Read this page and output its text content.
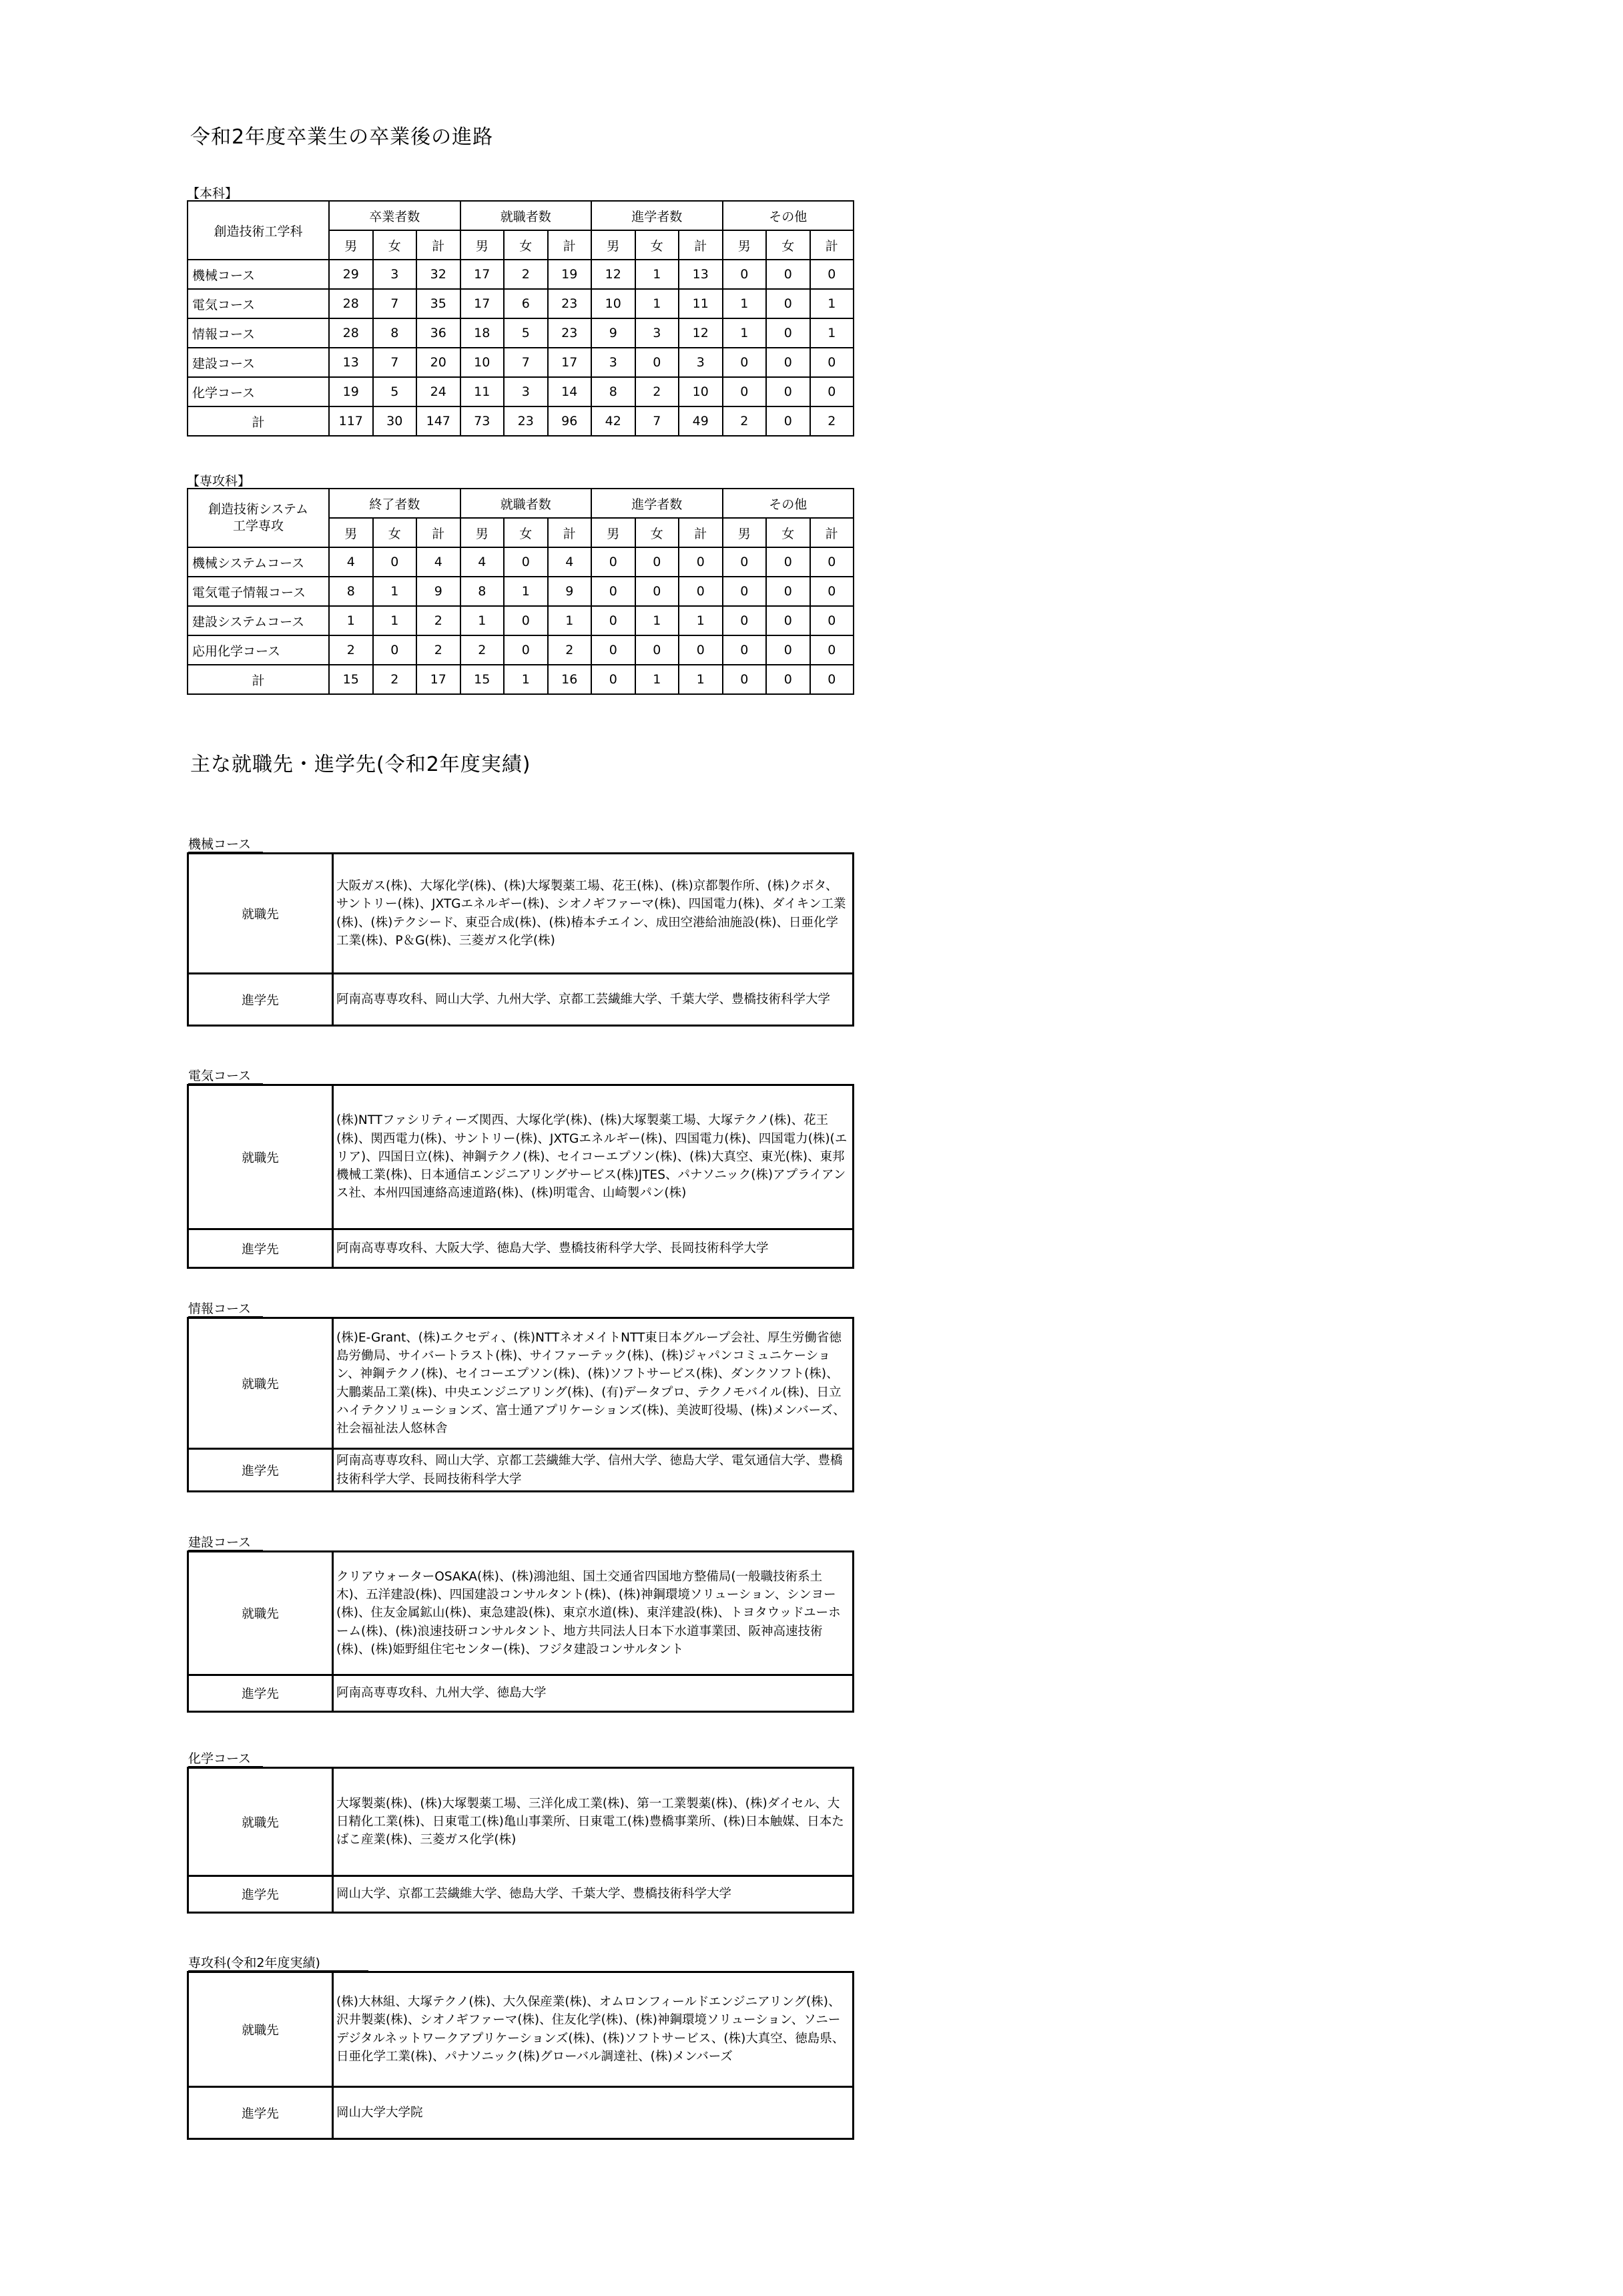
令和2年度卒業生の卒業後の進路
【本科】
創造技術工学科	卒業者数			就職者数			進学者数			その他		
	男	女	計	男	女	計	男	女	計	男	女	計
機械コース	29	3	32	17	2	19	12	1	13	0	0	0
電気コース	28	7	35	17	6	23	10	1	11	1	0	1
情報コース	28	8	36	18	5	23	9	3	12	1	0	1
建設コース	13	7	20	10	7	17	3	0	3	0	0	0
化学コース	19	5	24	11	3	14	8	2	10	0	0	0
計	117	30	147	73	23	96	42	7	49	2	0	2
【専攻科】
創造技術システム
工学専攻	終了者数			就職者数			進学者数			その他		
	男	女	計	男	女	計	男	女	計	男	女	計
機械システムコース	4	0	4	4	0	4	0	0	0	0	0	0
電気電子情報コース	8	1	9	8	1	9	0	0	0	0	0	0
建設システムコース	1	1	2	1	0	1	0	1	1	0	0	0
応用化学コース	2	0	2	2	0	2	0	0	0	0	0	0
計	15	2	17	15	1	16	0	1	1	0	0	0
主な就職先・進学先(令和2年度実績)
機械コース
就職先	大阪ガス(株)、大塚化学(株)、(株)大塚製薬工場、花王(株)、(株)京都製作所、(株)クボタ、サントリー(株)、JXTGエネルギー(株)、シオノギファーマ(株)、四国電力(株)、ダイキン工業(株)、(株)テクシード、東亞合成(株)、(株)椿本チエイン、成田空港給油施設(株)、日亜化学工業(株)、P＆G(株)、三菱ガス化学(株)
進学先	阿南高専専攻科、岡山大学、九州大学、京都工芸繊維大学、千葉大学、豊橋技術科学大学
電気コース
就職先	(株)NTTファシリティーズ関西、大塚化学(株)、(株)大塚製薬工場、大塚テクノ(株)、花王(株)、関西電力(株)、サントリー(株)、JXTGエネルギー(株)、四国電力(株)、四国電力(株)(エリア)、四国日立(株)、神鋼テクノ(株)、セイコーエプソン(株)、(株)大真空、東光(株)、東邦機械工業(株)、日本通信エンジニアリングサービス(株)JTES、パナソニック(株)アプライアンス社、本州四国連絡高速道路(株)、(株)明電舎、山崎製パン(株)
進学先	阿南高専専攻科、大阪大学、徳島大学、豊橋技術科学大学、長岡技術科学大学
情報コース
就職先	(株)E-Grant、(株)エクセディ、(株)NTTネオメイトNTT東日本グループ会社、厚生労働省徳島労働局、サイバートラスト(株)、サイファーテック(株)、(株)ジャパンコミュニケーション、神鋼テクノ(株)、セイコーエプソン(株)、(株)ソフトサービス(株)、ダンクソフト(株)、大鵬薬品工業(株)、中央エンジニアリング(株)、(有)データプロ、テクノモバイル(株)、日立ハイテクソリューションズ、富士通アプリケーションズ(株)、美波町役場、(株)メンバーズ、社会福祉法人悠林舎
進学先	阿南高専専攻科、岡山大学、京都工芸繊維大学、信州大学、徳島大学、電気通信大学、豊橋技術科学大学、長岡技術科学大学
建設コース
就職先	クリアウォーターOSAKA(株)、(株)鴻池組、国土交通省四国地方整備局(一般職技術系土木)、五洋建設(株)、四国建設コンサルタント(株)、(株)神鋼環境ソリューション、シンヨー(株)、住友金属鉱山(株)、東急建設(株)、東京水道(株)、東洋建設(株)、トヨタウッドユーホーム(株)、(株)浪速技研コンサルタント、地方共同法人日本下水道事業団、阪神高速技術(株)、(株)姫野組住宅センター(株)、フジタ建設コンサルタント
進学先	阿南高専専攻科、九州大学、徳島大学
化学コース
就職先	大塚製薬(株)、(株)大塚製薬工場、三洋化成工業(株)、第一工業製薬(株)、(株)ダイセル、大日精化工業(株)、日東電工(株)亀山事業所、日東電工(株)豊橋事業所、(株)日本触媒、日本たばこ産業(株)、三菱ガス化学(株)
進学先	岡山大学、京都工芸繊維大学、徳島大学、千葉大学、豊橋技術科学大学
専攻科(令和2年度実績)
就職先	(株)大林組、大塚テクノ(株)、大久保産業(株)、オムロンフィールドエンジニアリング(株)、沢井製薬(株)、シオノギファーマ(株)、住友化学(株)、(株)神鋼環境ソリューション、ソニーデジタルネットワークアプリケーションズ(株)、(株)ソフトサービス、(株)大真空、徳島県、日亜化学工業(株)、パナソニック(株)グローバル調達社、(株)メンバーズ
進学先	岡山大学大学院
